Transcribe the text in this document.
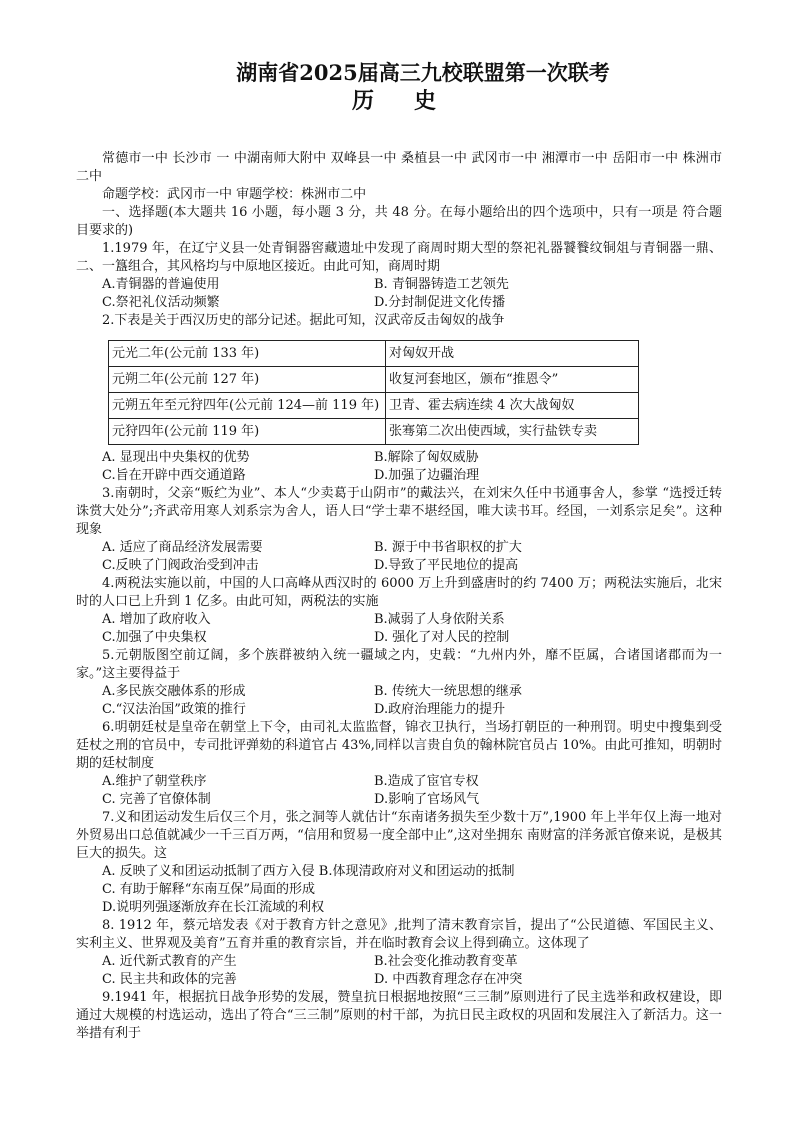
湖南省2025届高三九校联盟第一次联考
历史

常德市一中 长沙市 一 中湖南师大附中 双峰县一中 桑植县一中 武冈市一中 湘潭市一中 岳阳市一中 株洲市二中

命题学校：武冈市一中 审题学校：株洲市二中

一、选择题(本大题共 16 小题，每小题 3 分，共 48 分。在每小题给出的四个选项中，只有一项是 符合题目要求的)

1.1979 年，在辽宁义县一处青铜器窖藏遗址中发现了商周时期大型的祭祀礼器饕餮纹铜俎与青铜器一鼎、二、一簋组合，其风格均与中原地区接近。由此可知，商周时期

A.青铜器的普遍使用	B. 青铜器铸造工艺领先
C.祭祀礼仪活动频繁	D.分封制促进文化传播

2.下表是关于西汉历史的部分记述。据此可知，汉武帝反击匈奴的战争

元光二年(公元前 133 年)	对匈奴开战
元朔二年(公元前 127 年)	收复河套地区，颁布“推恩令”
元朔五年至元狩四年(公元前 124—前 119 年)	卫青、霍去病连续 4 次大战匈奴
元狩四年(公元前 119 年)	张骞第二次出使西域，实行盐铁专卖
A. 显现出中央集权的优势	B.解除了匈奴威胁
C.旨在开辟中西交通道路	D.加强了边疆治理

3.南朝时，父亲“贩纻为业”、本人“少卖葛于山阴市”的戴法兴，在刘宋久任中书通事舍人，参掌 “选授迁转诛赏大处分”;齐武帝用寒人刘系宗为舍人，语人曰“学士辈不堪经国，唯大读书耳。经国，一刘系宗足矣”。这种现象

A. 适应了商品经济发展需要	B. 源于中书省职权的扩大
C.反映了门阀政治受到冲击	D.导致了平民地位的提高

4.两税法实施以前，中国的人口高峰从西汉时的 6000 万上升到盛唐时的约 7400 万；两税法实施后，北宋时的人口已上升到 1 亿多。由此可知，两税法的实施

A. 增加了政府收入	B.减弱了人身依附关系
C.加强了中央集权	D. 强化了对人民的控制

5.元朝版图空前辽阔，多个族群被纳入统一疆域之内，史载：“九州内外，靡不臣属，合诸国诸郡而为一家。”这主要得益于

A.多民族交融体系的形成	B. 传统大一统思想的继承
C.“汉法治国”政策的推行	D.政府治理能力的提升

6.明朝廷杖是皇帝在朝堂上下令，由司礼太监监督，锦衣卫执行，当场打朝臣的一种刑罚。明史中搜集到受廷杖之刑的官员中，专司批评弹劾的科道官占 43%,同样以言贵自负的翰林院官员占 10%。由此可推知，明朝时期的廷杖制度

A.维护了朝堂秩序	B.造成了宦官专权
C. 完善了官僚体制	D.影响了官场风气

7.义和团运动发生后仅三个月，张之洞等人就估计“东南诸务损失至少数十万”,1900 年上半年仅上海一地对外贸易出口总值就减少一千三百万两，“信用和贸易一度全部中止”,这对坐拥东 南财富的洋务派官僚来说，是极其巨大的损失。这

A. 反映了义和团运动抵制了西方入侵 B.体现清政府对义和团运动的抵制
C. 有助于解释“东南互保”局面的形成
D.说明列强逐渐放弃在长江流域的利权

8. 1912 年，蔡元培发表《对于教育方针之意见》,批判了清末教育宗旨，提出了“公民道德、军国民主义、实利主义、世界观及美育”五育并重的教育宗旨，并在临时教育会议上得到确立。这体现了

A. 近代新式教育的产生	B.社会变化推动教育变革
C. 民主共和政体的完善	D. 中西教育理念存在冲突

9.1941 年，根据抗日战争形势的发展，赞皇抗日根据地按照“三三制”原则进行了民主选举和政权建设，即通过大规模的村选运动，选出了符合“三三制”原则的村干部，为抗日民主政权的巩固和发展注入了新活力。这一举措有利于
